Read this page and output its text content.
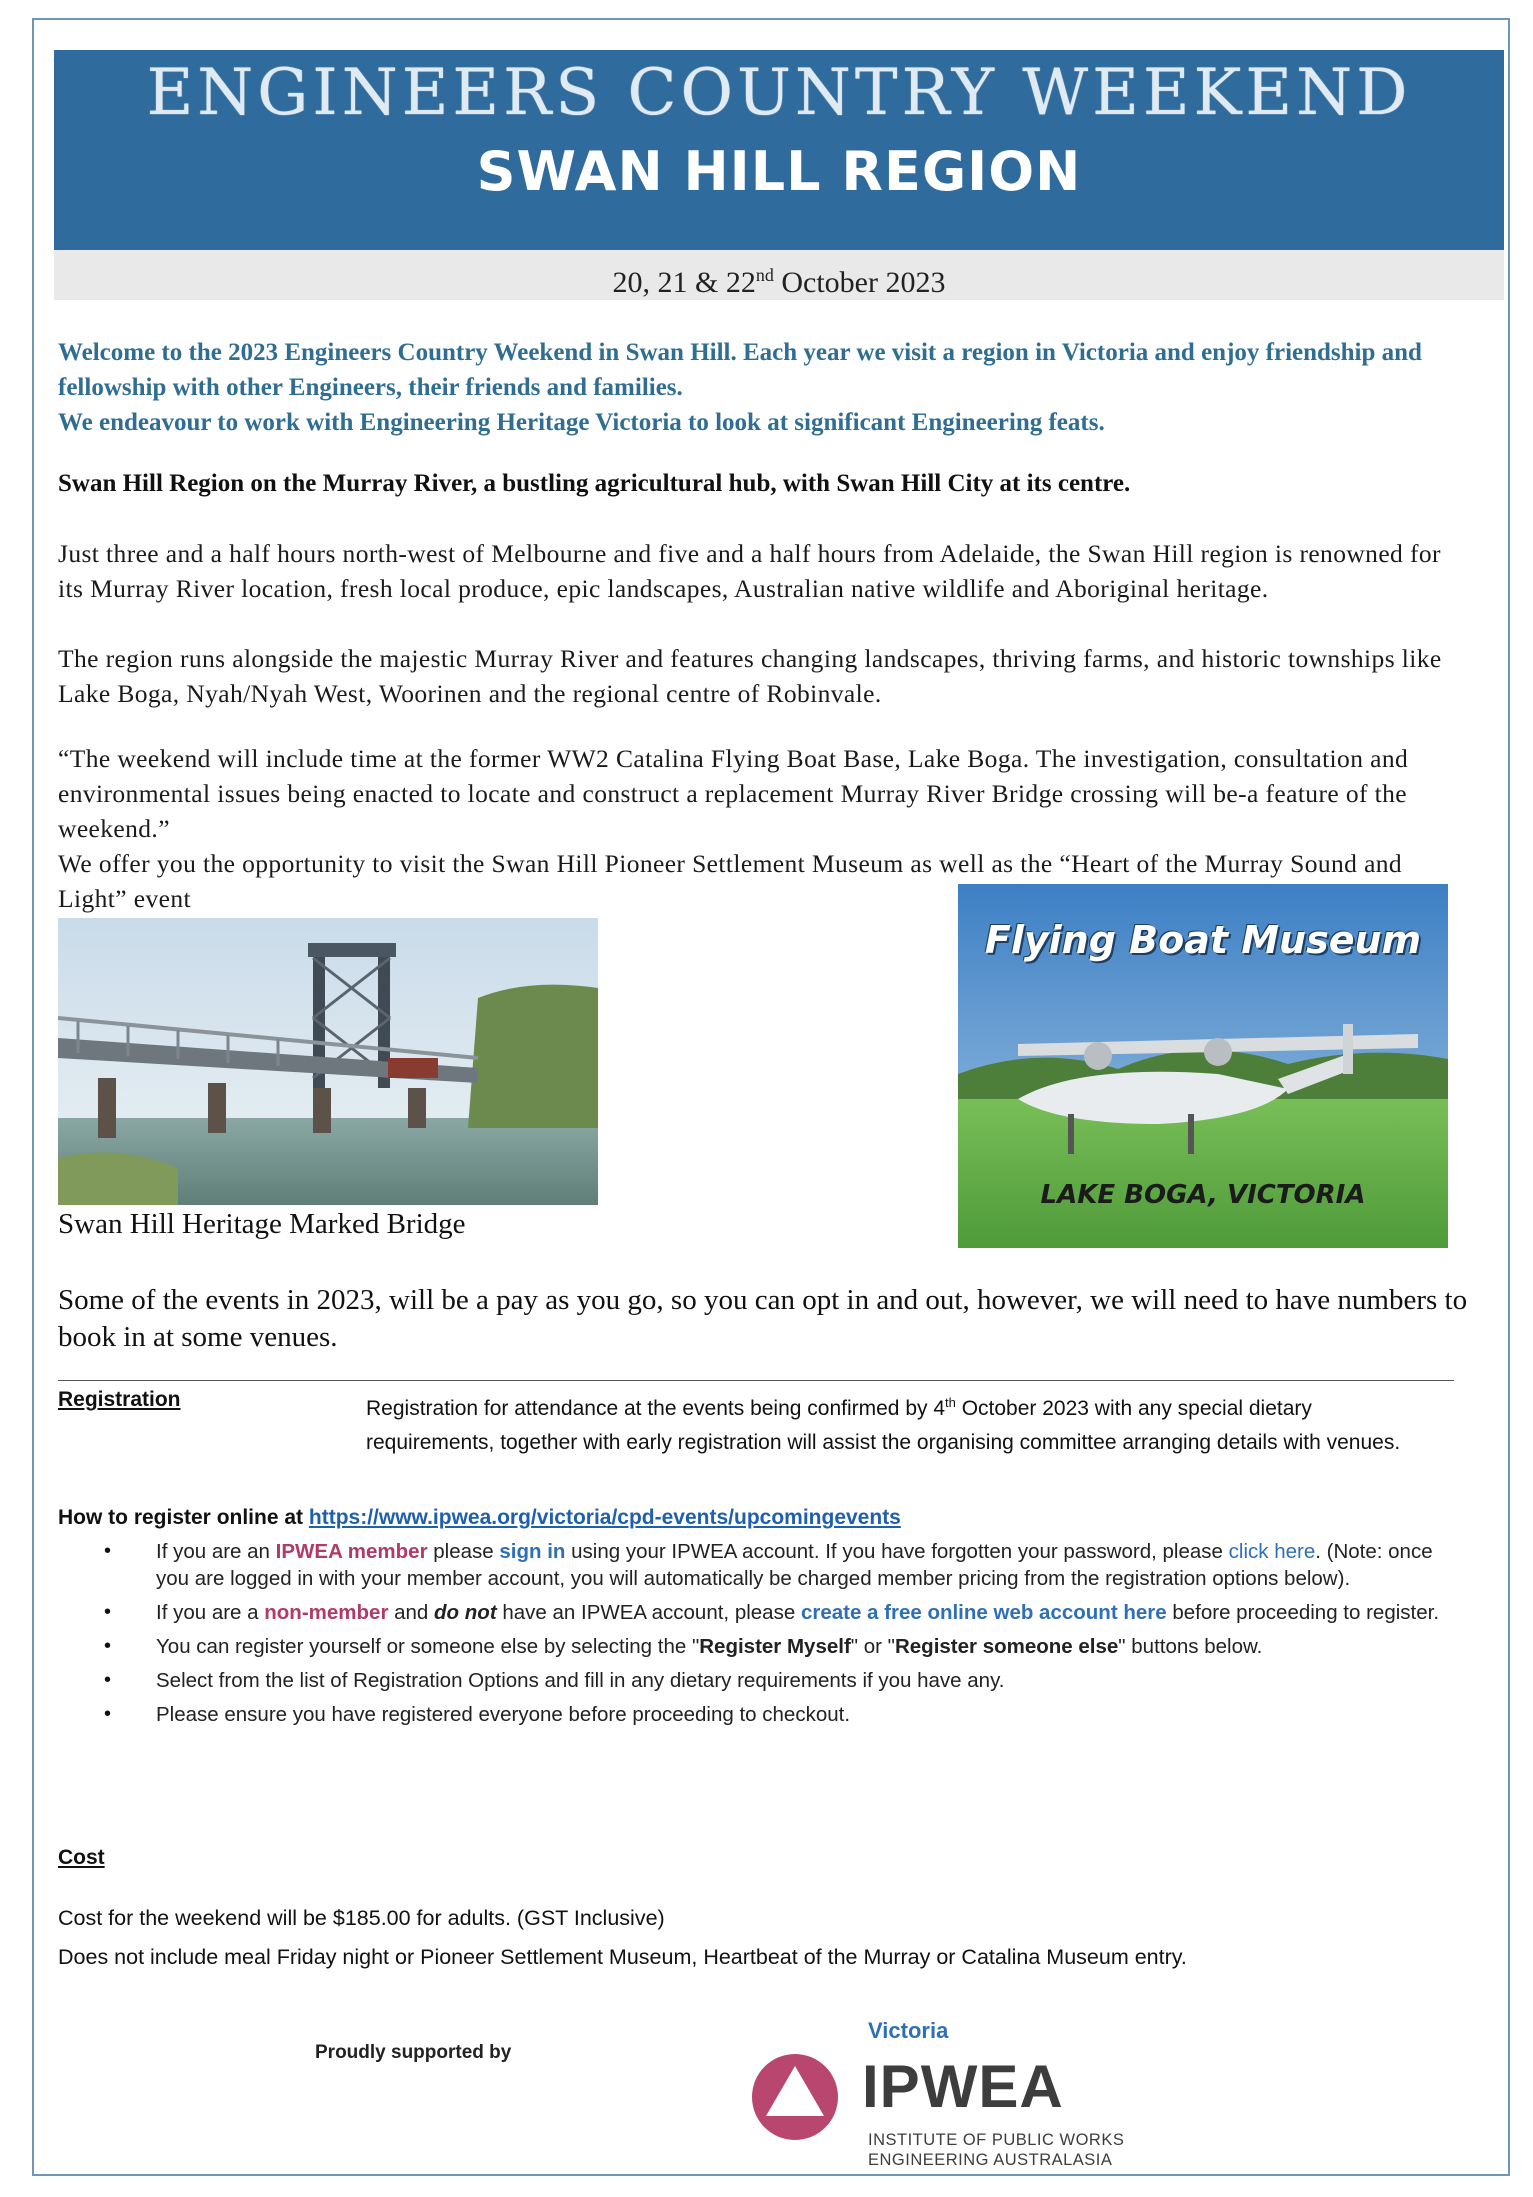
ENGINEERS COUNTRY WEEKEND
SWAN HILL REGION
20, 21 & 22nd October 2023
Welcome to the 2023 Engineers Country Weekend in Swan Hill. Each year we visit a region in Victoria and enjoy friendship and fellowship with other Engineers, their friends and families.
We endeavour to work with Engineering Heritage Victoria to look at significant Engineering feats.
Swan Hill Region on the Murray River, a bustling agricultural hub, with Swan Hill City at its centre.
Just three and a half hours north-west of Melbourne and five and a half hours from Adelaide, the Swan Hill region is renowned for its Murray River location, fresh local produce, epic landscapes, Australian native wildlife and Aboriginal heritage.
The region runs alongside the majestic Murray River and features changing landscapes, thriving farms, and historic townships like Lake Boga, Nyah/Nyah West, Woorinen and the regional centre of Robinvale.
“The weekend will include time at the former WW2 Catalina Flying Boat Base, Lake Boga. The investigation, consultation and environmental issues being enacted to locate and construct a replacement Murray River Bridge crossing will be-a feature of the weekend.”
We offer you the opportunity to visit the Swan Hill Pioneer Settlement Museum as well as the “Heart of the Murray Sound and Light” event
Swan Hill Heritage Marked Bridge
Flying Boat Museum
LAKE BOGA, VICTORIA
Some of the events in 2023, will be a pay as you go, so you can opt in and out, however, we will need to have numbers to book in at some venues.
Registration	Registration for attendance at the events being confirmed by 4th October 2023 with any special dietary requirements, together with early registration will assist the organising committee arranging details with venues.
How to register online at https://www.ipwea.org/victoria/cpd-events/upcomingevents
• If you are an IPWEA member please sign in using your IPWEA account. If you have forgotten your password, please click here. (Note: once you are logged in with your member account, you will automatically be charged member pricing from the registration options below).
• If you are a non-member and do not have an IPWEA account, please create a free online web account here before proceeding to register.
• You can register yourself or someone else by selecting the "Register Myself" or "Register someone else" buttons below.
• Select from the list of Registration Options and fill in any dietary requirements if you have any.
• Please ensure you have registered everyone before proceeding to checkout.
Cost
Cost for the weekend will be $185.00 for adults. (GST Inclusive)
Does not include meal Friday night or Pioneer Settlement Museum, Heartbeat of the Murray or Catalina Museum entry.
Proudly supported by
Victoria
IPWEA
INSTITUTE OF PUBLIC WORKS
ENGINEERING AUSTRALASIA
